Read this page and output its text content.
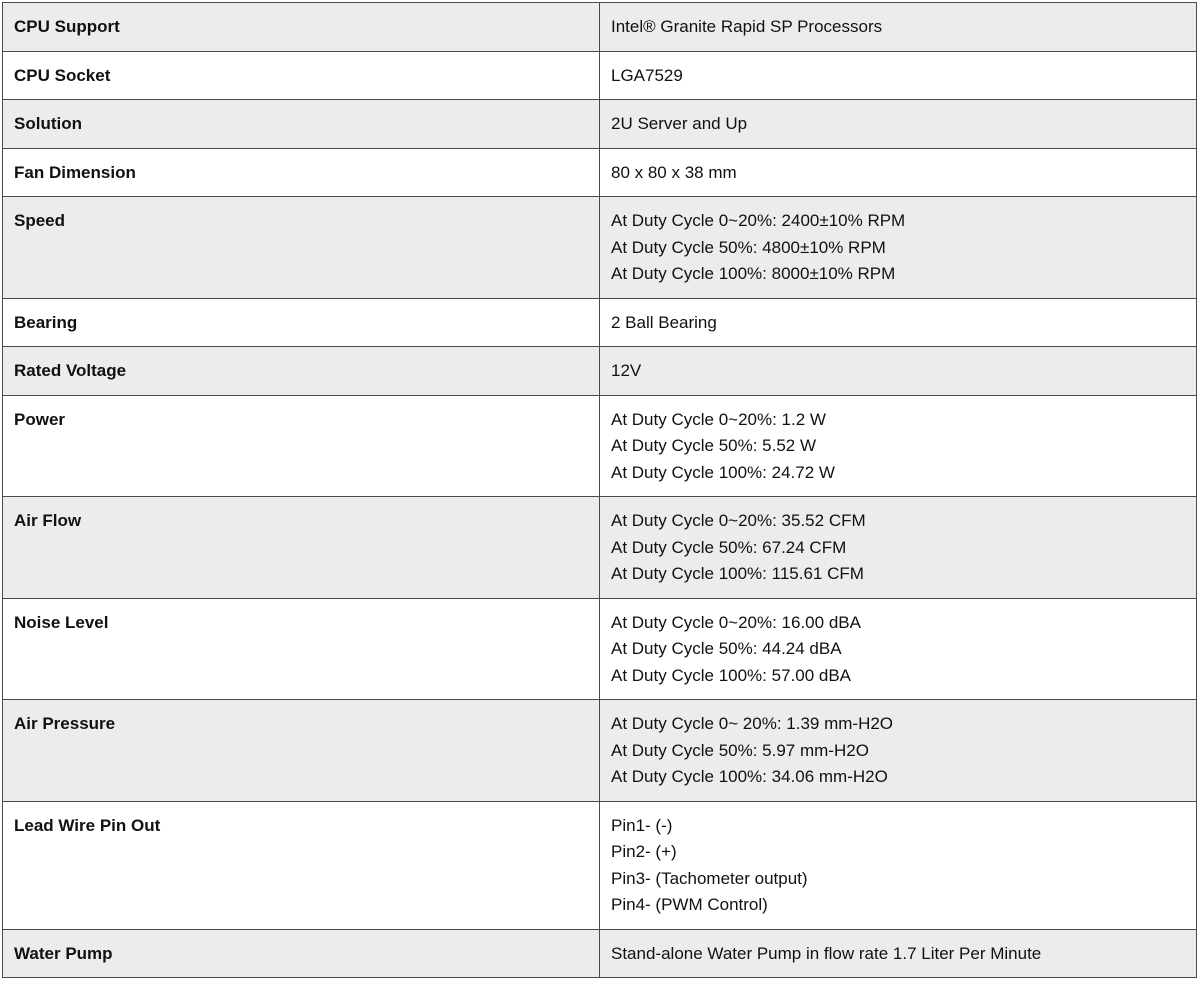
CPU Support	Intel® Granite Rapid SP Processors

CPU Socket	LGA7529

Solution	2U Server and Up

Fan Dimension	80 x 80 x 38 mm

Speed	At Duty Cycle 0~20%: 2400±10% RPM
At Duty Cycle 50%: 4800±10% RPM
At Duty Cycle 100%: 8000±10% RPM

Bearing	2 Ball Bearing

Rated Voltage	12V

Power	At Duty Cycle 0~20%: 1.2 W
At Duty Cycle 50%: 5.52 W
At Duty Cycle 100%: 24.72 W

Air Flow	At Duty Cycle 0~20%: 35.52 CFM
At Duty Cycle 50%: 67.24 CFM
At Duty Cycle 100%: 115.61 CFM

Noise Level	At Duty Cycle 0~20%: 16.00 dBA
At Duty Cycle 50%: 44.24 dBA
At Duty Cycle 100%: 57.00 dBA

Air Pressure	At Duty Cycle 0~ 20%: 1.39 mm-H2O
At Duty Cycle 50%: 5.97 mm-H2O
At Duty Cycle 100%: 34.06 mm-H2O

Lead Wire Pin Out	Pin1- (-)
Pin2- (+)
Pin3- (Tachometer output)
Pin4- (PWM Control)

Water Pump	Stand-alone Water Pump in flow rate 1.7 Liter Per Minute
